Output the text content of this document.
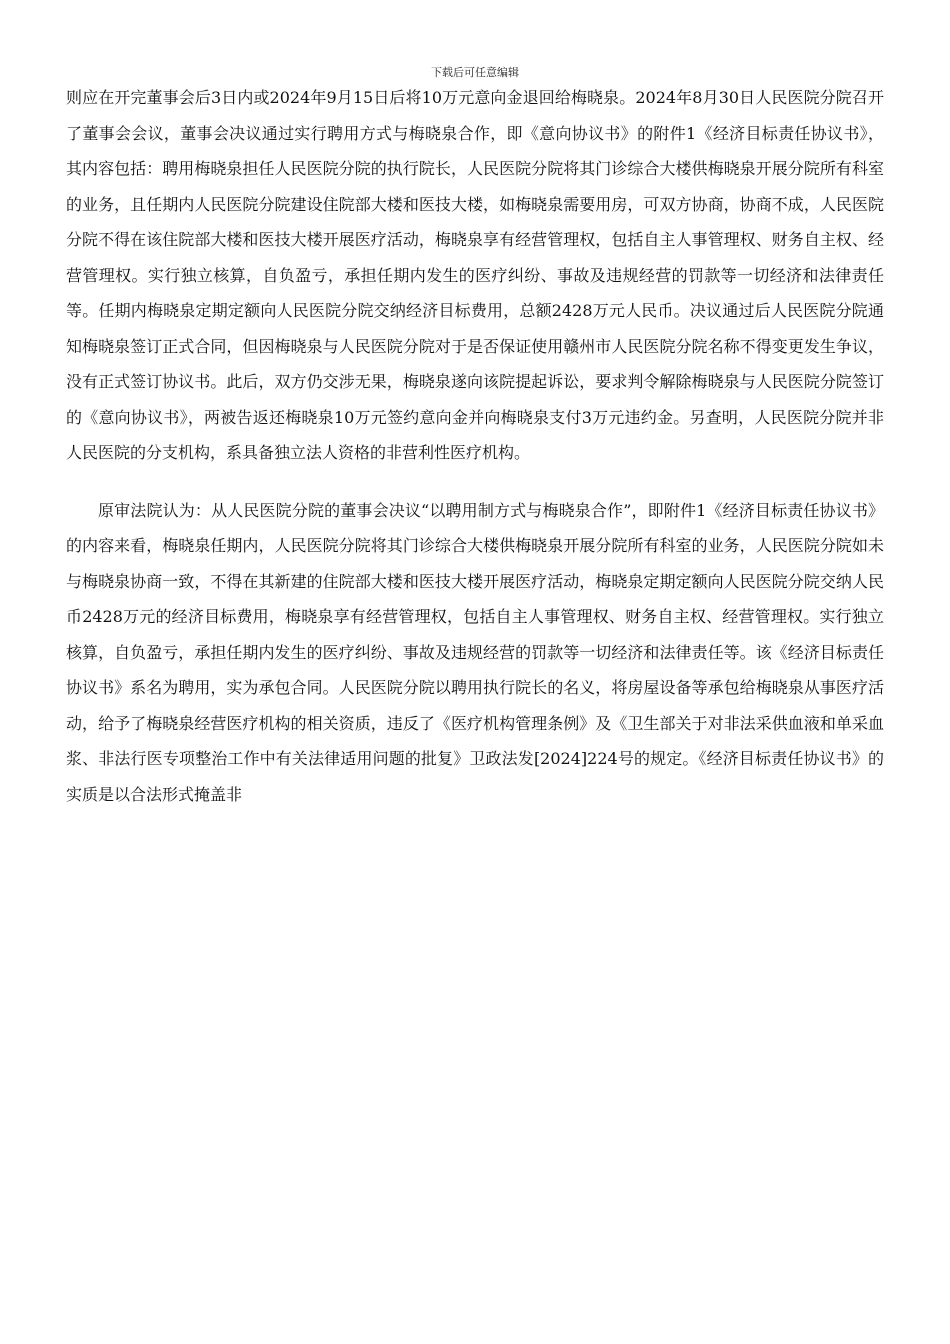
下载后可任意编辑

则应在开完董事会后3日内或2024年9月15日后将10万元意向金退回给梅晓泉。2024年8月30日人民医院分院召开了董事会会议，董事会决议通过实行聘用方式与梅晓泉合作，即《意向协议书》的附件1《经济目标责任协议书》，其内容包括：聘用梅晓泉担任人民医院分院的执行院长，人民医院分院将其门诊综合大楼供梅晓泉开展分院所有科室的业务，且任期内人民医院分院建设住院部大楼和医技大楼，如梅晓泉需要用房，可双方协商，协商不成，人民医院分院不得在该住院部大楼和医技大楼开展医疗活动，梅晓泉享有经营管理权，包括自主人事管理权、财务自主权、经营管理权。实行独立核算，自负盈亏，承担任期内发生的医疗纠纷、事故及违规经营的罚款等一切经济和法律责任等。任期内梅晓泉定期定额向人民医院分院交纳经济目标费用，总额2428万元人民币。决议通过后人民医院分院通知梅晓泉签订正式合同，但因梅晓泉与人民医院分院对于是否保证使用赣州市人民医院分院名称不得变更发生争议，没有正式签订协议书。此后，双方仍交涉无果，梅晓泉遂向该院提起诉讼，要求判令解除梅晓泉与人民医院分院签订的《意向协议书》，两被告返还梅晓泉10万元签约意向金并向梅晓泉支付3万元违约金。另查明，人民医院分院并非人民医院的分支机构，系具备独立法人资格的非营利性医疗机构。

原审法院认为：从人民医院分院的董事会决议“以聘用制方式与梅晓泉合作”，即附件1《经济目标责任协议书》的内容来看，梅晓泉任期内，人民医院分院将其门诊综合大楼供梅晓泉开展分院所有科室的业务，人民医院分院如未与梅晓泉协商一致，不得在其新建的住院部大楼和医技大楼开展医疗活动，梅晓泉定期定额向人民医院分院交纳人民币2428万元的经济目标费用，梅晓泉享有经营管理权，包括自主人事管理权、财务自主权、经营管理权。实行独立核算，自负盈亏，承担任期内发生的医疗纠纷、事故及违规经营的罚款等一切经济和法律责任等。该《经济目标责任协议书》系名为聘用，实为承包合同。人民医院分院以聘用执行院长的名义，将房屋设备等承包给梅晓泉从事医疗活动，给予了梅晓泉经营医疗机构的相关资质，违反了《医疗机构管理条例》及《卫生部关于对非法采供血液和单采血浆、非法行医专项整治工作中有关法律适用问题的批复》卫政法发[2024]224号的规定。《经济目标责任协议书》的实质是以合法形式掩盖非
